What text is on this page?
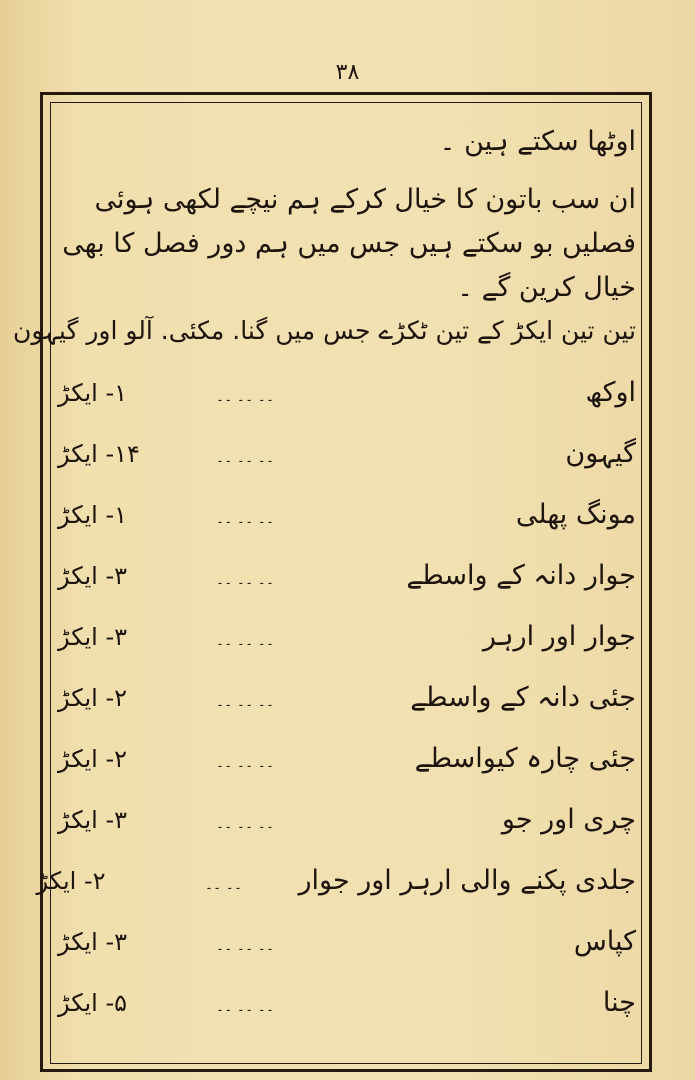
۳۸

اوٹھا سکتے ہین ۔

ان سب باتون کا خیال کرکے ہم نیچے لکھی ہوئی فصلیں بو سکتے ہیں جس میں ہم دور فصل کا بھی خیال کرین گے ۔

تین تین ایکڑ کے تین ٹکڑے جس میں گنا. مکئی. آلو اور گیہون
اوکھ
۔۔ ۔۔ ۔۔
۱- ایکڑ
گیہون
۔۔ ۔۔ ۔۔
۱۴- ایکڑ
مونگ پھلی
۔۔ ۔۔ ۔۔
۱- ایکڑ
جوار دانہ کے واسطے
۔۔ ۔۔ ۔۔
۳- ایکڑ
جوار اور ارہر
۔۔ ۔۔ ۔۔
۳- ایکڑ
جئی دانہ کے واسطے
۔۔ ۔۔ ۔۔
۲- ایکڑ
جئی چارہ کیواسطے
۔۔ ۔۔ ۔۔
۲- ایکڑ
چری اور جو
۔۔ ۔۔ ۔۔
۳- ایکڑ
جلدی پکنے والی ارہر اور جوار
۔۔ ۔۔
۲- ایکڑ
کپاس
۔۔ ۔۔ ۔۔
۳- ایکڑ
چنا
۔۔ ۔۔ ۔۔
۵- ایکڑ
